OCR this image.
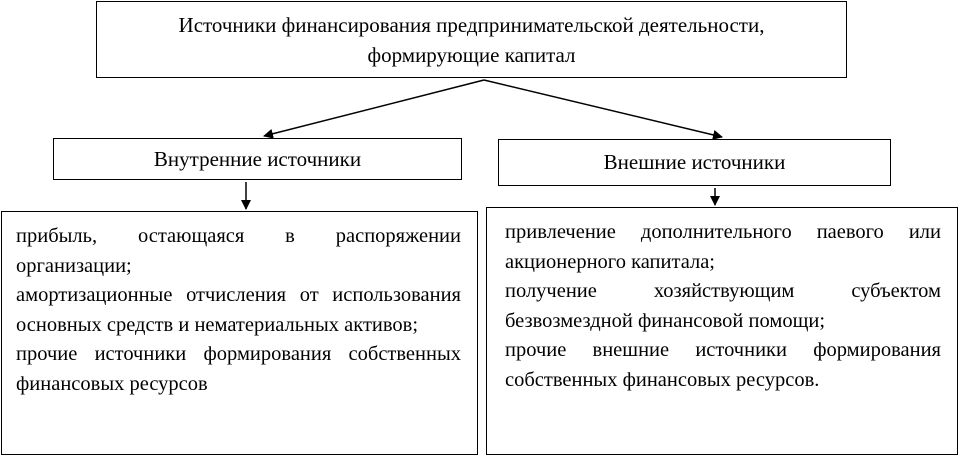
Источники финансирования предпринимательской деятельности,
формирующие капитал
Внутренние источники	Внешние источники
прибыль, остающаяся в распоряжении организации;
амортизационные отчисления от использования основных средств и нематериальных активов;
прочие источники формирования собственных финансовых ресурсов
привлечение дополнительного паевого или акционерного капитала;
получение хозяйствующим субъектом безвозмездной финансовой помощи;
прочие внешние источники формирования собственных финансовых ресурсов.
